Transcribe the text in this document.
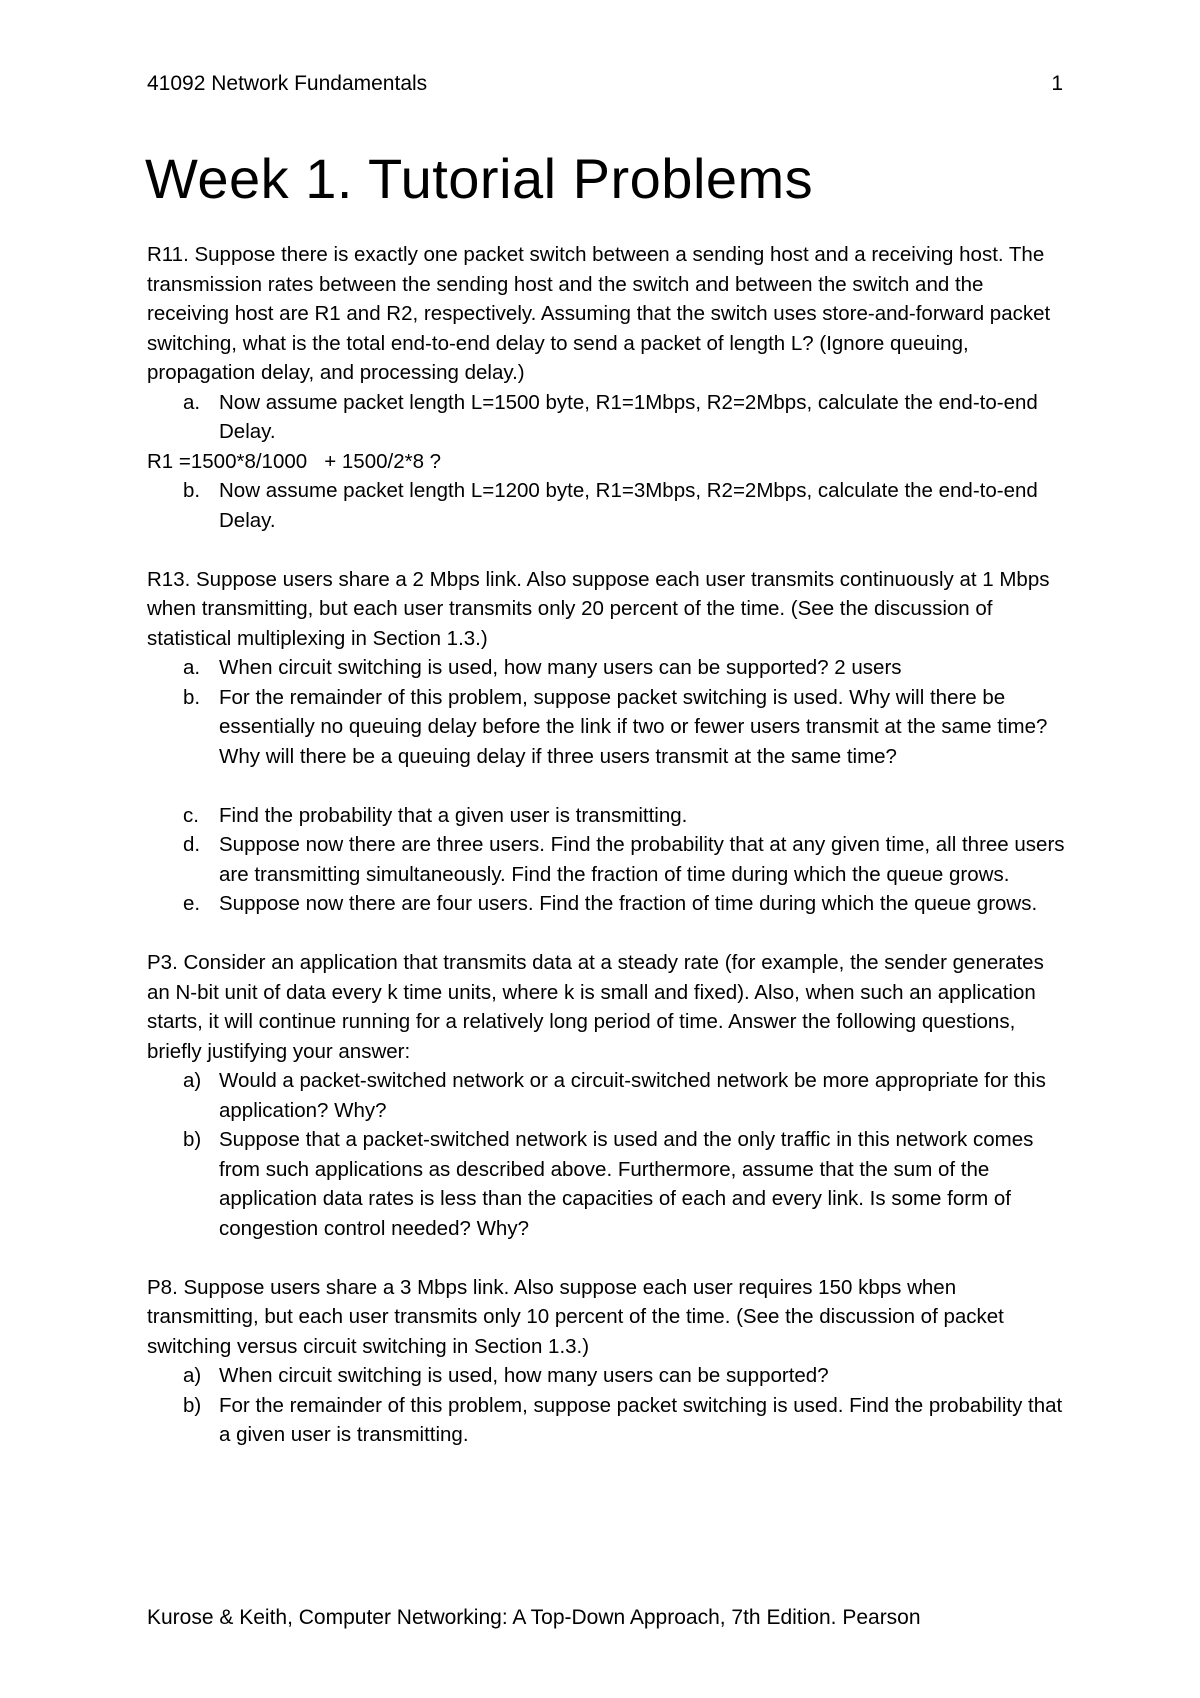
41092 Network Fundamentals	1
Week 1. Tutorial Problems

R11. Suppose there is exactly one packet switch between a sending host and a receiving host. The transmission rates between the sending host and the switch and between the switch and the receiving host are R1 and R2, respectively. Assuming that the switch uses store-and-forward packet switching, what is the total end-to-end delay to send a packet of length L? (Ignore queuing, propagation delay, and processing delay.)

a. Now assume packet length L=1500 byte, R1=1Mbps, R2=2Mbps, calculate the end-to-end Delay.

R1 =1500*8/1000   + 1500/2*8 ?

b. Now assume packet length L=1200 byte, R1=3Mbps, R2=2Mbps, calculate the end-to-end Delay.

R13. Suppose users share a 2 Mbps link. Also suppose each user transmits continuously at 1 Mbps when transmitting, but each user transmits only 20 percent of the time. (See the discussion of statistical multiplexing in Section 1.3.)

a. When circuit switching is used, how many users can be supported? 2 users
b. For the remainder of this problem, suppose packet switching is used. Why will there be essentially no queuing delay before the link if two or fewer users transmit at the same time? Why will there be a queuing delay if three users transmit at the same time?
c. Find the probability that a given user is transmitting.
d. Suppose now there are three users. Find the probability that at any given time, all three users are transmitting simultaneously. Find the fraction of time during which the queue grows.
e. Suppose now there are four users. Find the fraction of time during which the queue grows.

P3. Consider an application that transmits data at a steady rate (for example, the sender generates an N-bit unit of data every k time units, where k is small and fixed). Also, when such an application starts, it will continue running for a relatively long period of time. Answer the following questions, briefly justifying your answer:

a) Would a packet-switched network or a circuit-switched network be more appropriate for this application? Why?
b) Suppose that a packet-switched network is used and the only traffic in this network comes from such applications as described above. Furthermore, assume that the sum of the application data rates is less than the capacities of each and every link. Is some form of congestion control needed? Why?

P8. Suppose users share a 3 Mbps link. Also suppose each user requires 150 kbps when transmitting, but each user transmits only 10 percent of the time. (See the discussion of packet switching versus circuit switching in Section 1.3.)

a) When circuit switching is used, how many users can be supported?
b) For the remainder of this problem, suppose packet switching is used. Find the probability that a given user is transmitting.
Kurose & Keith, Computer Networking: A Top-Down Approach, 7th Edition. Pearson
